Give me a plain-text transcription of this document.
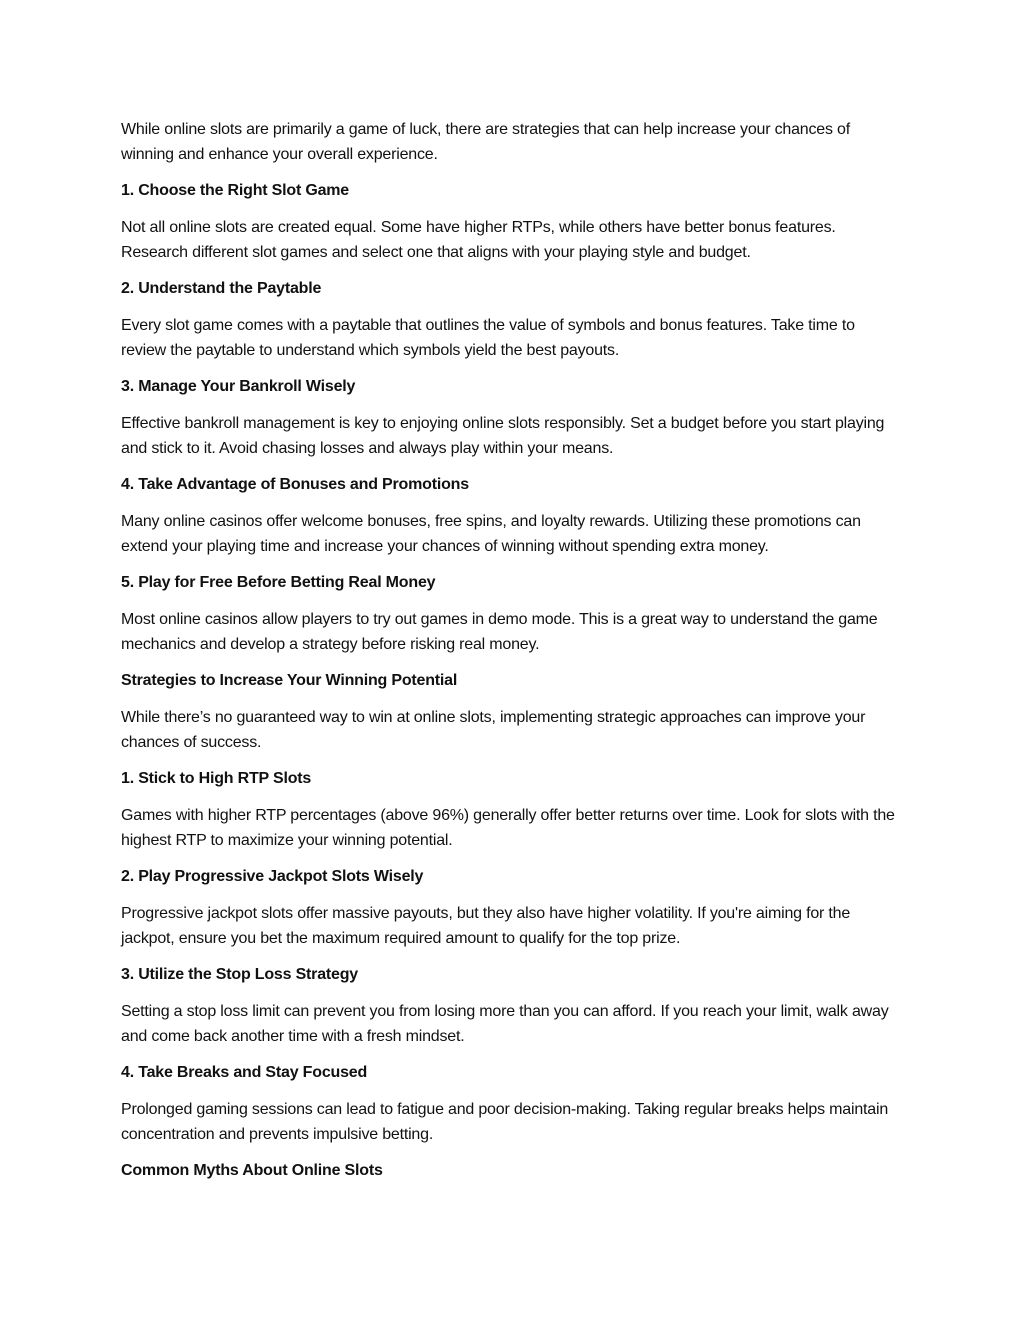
While online slots are primarily a game of luck, there are strategies that can help increase your chances of winning and enhance your overall experience.

1. Choose the Right Slot Game

Not all online slots are created equal. Some have higher RTPs, while others have better bonus features. Research different slot games and select one that aligns with your playing style and budget.

2. Understand the Paytable

Every slot game comes with a paytable that outlines the value of symbols and bonus features. Take time to review the paytable to understand which symbols yield the best payouts.

3. Manage Your Bankroll Wisely

Effective bankroll management is key to enjoying online slots responsibly. Set a budget before you start playing and stick to it. Avoid chasing losses and always play within your means.

4. Take Advantage of Bonuses and Promotions

Many online casinos offer welcome bonuses, free spins, and loyalty rewards. Utilizing these promotions can extend your playing time and increase your chances of winning without spending extra money.

5. Play for Free Before Betting Real Money

Most online casinos allow players to try out games in demo mode. This is a great way to understand the game mechanics and develop a strategy before risking real money.

Strategies to Increase Your Winning Potential

While there’s no guaranteed way to win at online slots, implementing strategic approaches can improve your chances of success.

1. Stick to High RTP Slots

Games with higher RTP percentages (above 96%) generally offer better returns over time. Look for slots with the highest RTP to maximize your winning potential.

2. Play Progressive Jackpot Slots Wisely

Progressive jackpot slots offer massive payouts, but they also have higher volatility. If you're aiming for the jackpot, ensure you bet the maximum required amount to qualify for the top prize.

3. Utilize the Stop Loss Strategy

Setting a stop loss limit can prevent you from losing more than you can afford. If you reach your limit, walk away and come back another time with a fresh mindset.

4. Take Breaks and Stay Focused

Prolonged gaming sessions can lead to fatigue and poor decision-making. Taking regular breaks helps maintain concentration and prevents impulsive betting.

Common Myths About Online Slots
